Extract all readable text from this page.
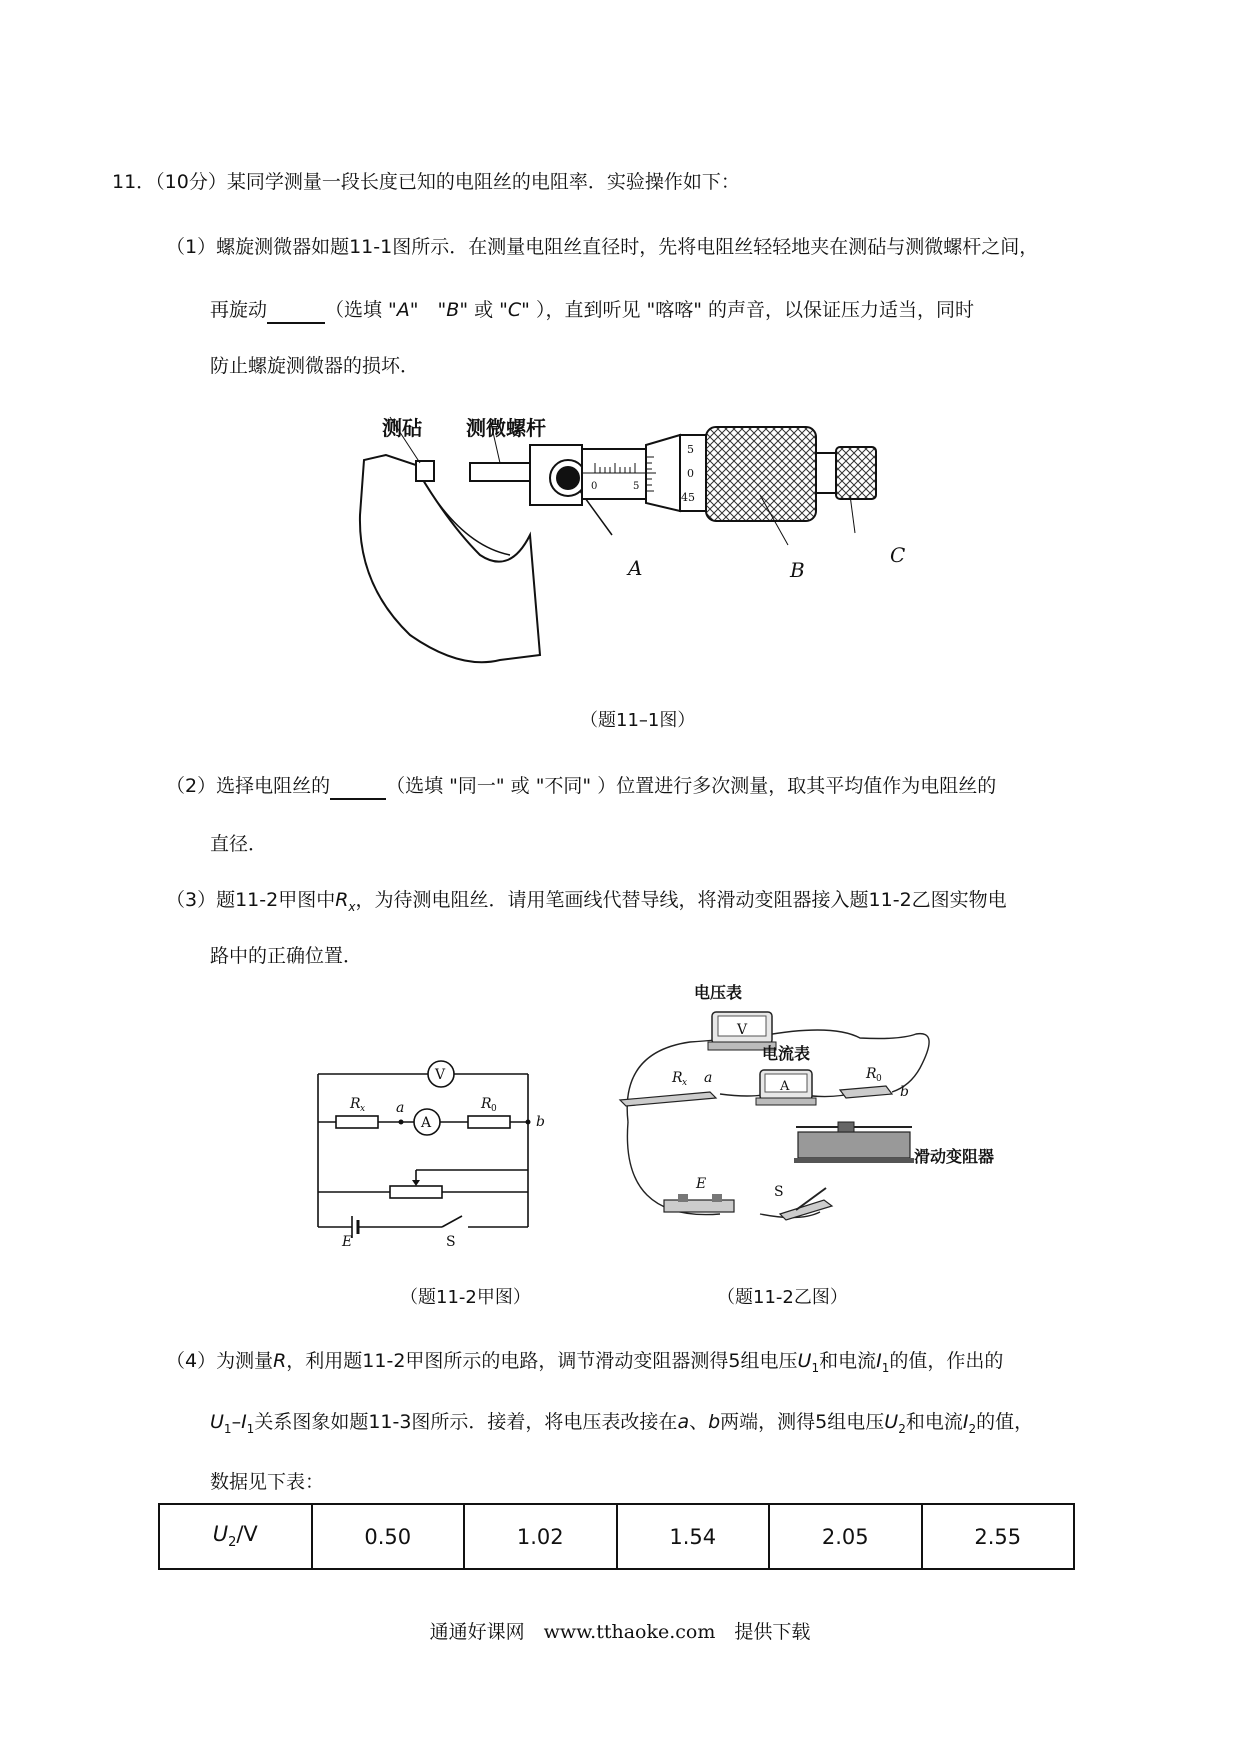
11．（10分）某同学测量一段长度已知的电阻丝的电阻率．实验操作如下：
（1）螺旋测微器如题11-1图所示．在测量电阻丝直径时，先将电阻丝轻轻地夹在测砧与测微螺杆之间，
再旋动	（选填 "A"　"B" 或 "C" ），直到听见 "喀喀" 的声音，以保证压力适当，同时
防止螺旋测微器的损坏．
0	5
5
0
45
测砧 测微螺杆
A	B
C
（题11–1图）
（2）选择电阻丝的	（选填 "同一" 或 "不同" ）位置进行多次测量，取其平均值作为电阻丝的
直径．
（3）题11-2甲图中$R_x$，为待测电阻丝．请用笔画线代替导线，将滑动变阻器接入题11-2乙图实物电
路中的正确位置．
V
A
R x	R 0
a
b
E	S
V
A
R x a	R 0
b
E	S
电压表
电流表
滑动变阻器
（题11-2甲图）	（题11-2乙图）
（4）为测量R，利用题11-2甲图所示的电路，调节滑动变阻器测得5组电压$U_1$和电流$I_1$的值，作出的
$U_1-I_1$关系图象如题11-3图所示．接着，将电压表改接在a、b两端，测得5组电压$U_2$和电流$I_2$的值，
数据见下表：
$U_2/V$	0.50	1.02	1.54	2.05	2.55
通通好课网　www.tthaoke.com　提供下载
